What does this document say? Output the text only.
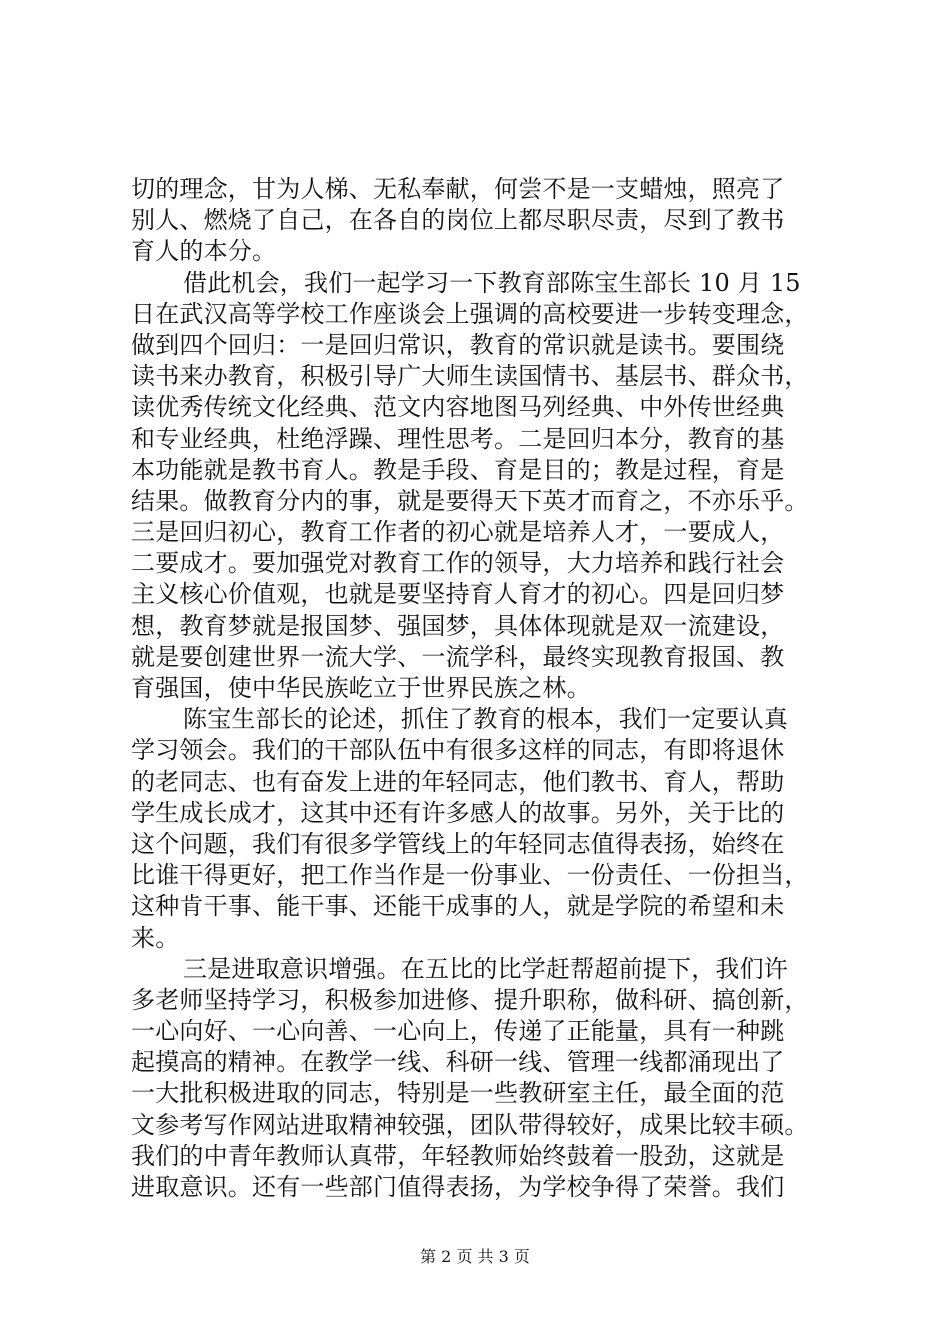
切的理念，甘为人梯、无私奉献，何尝不是一支蜡烛，照亮了
别人、燃烧了自己，在各自的岗位上都尽职尽责，尽到了教书
育人的本分。
借此机会，我们一起学习一下教育部陈宝生部长 10 月 15
日在武汉高等学校工作座谈会上强调的高校要进一步转变理念，
做到四个回归：一是回归常识，教育的常识就是读书。要围绕
读书来办教育，积极引导广大师生读国情书、基层书、群众书，
读优秀传统文化经典、范文内容地图马列经典、中外传世经典
和专业经典，杜绝浮躁、理性思考。二是回归本分，教育的基
本功能就是教书育人。教是手段、育是目的；教是过程，育是
结果。做教育分内的事，就是要得天下英才而育之，不亦乐乎。
三是回归初心，教育工作者的初心就是培养人才，一要成人，
二要成才。要加强党对教育工作的领导，大力培养和践行社会
主义核心价值观，也就是要坚持育人育才的初心。四是回归梦
想，教育梦就是报国梦、强国梦，具体体现就是双一流建设，
就是要创建世界一流大学、一流学科，最终实现教育报国、教
育强国，使中华民族屹立于世界民族之林。
陈宝生部长的论述，抓住了教育的根本，我们一定要认真
学习领会。我们的干部队伍中有很多这样的同志，有即将退休
的老同志、也有奋发上进的年轻同志，他们教书、育人，帮助
学生成长成才，这其中还有许多感人的故事。另外，关于比的
这个问题，我们有很多学管线上的年轻同志值得表扬，始终在
比谁干得更好，把工作当作是一份事业、一份责任、一份担当，
这种肯干事、能干事、还能干成事的人，就是学院的希望和未
来。
三是进取意识增强。在五比的比学赶帮超前提下，我们许
多老师坚持学习，积极参加进修、提升职称，做科研、搞创新，
一心向好、一心向善、一心向上，传递了正能量，具有一种跳
起摸高的精神。在教学一线、科研一线、管理一线都涌现出了
一大批积极进取的同志，特别是一些教研室主任，最全面的范
文参考写作网站进取精神较强，团队带得较好，成果比较丰硕。
我们的中青年教师认真带，年轻教师始终鼓着一股劲，这就是
进取意识。还有一些部门值得表扬，为学校争得了荣誉。我们
第 2 页 共 3 页
